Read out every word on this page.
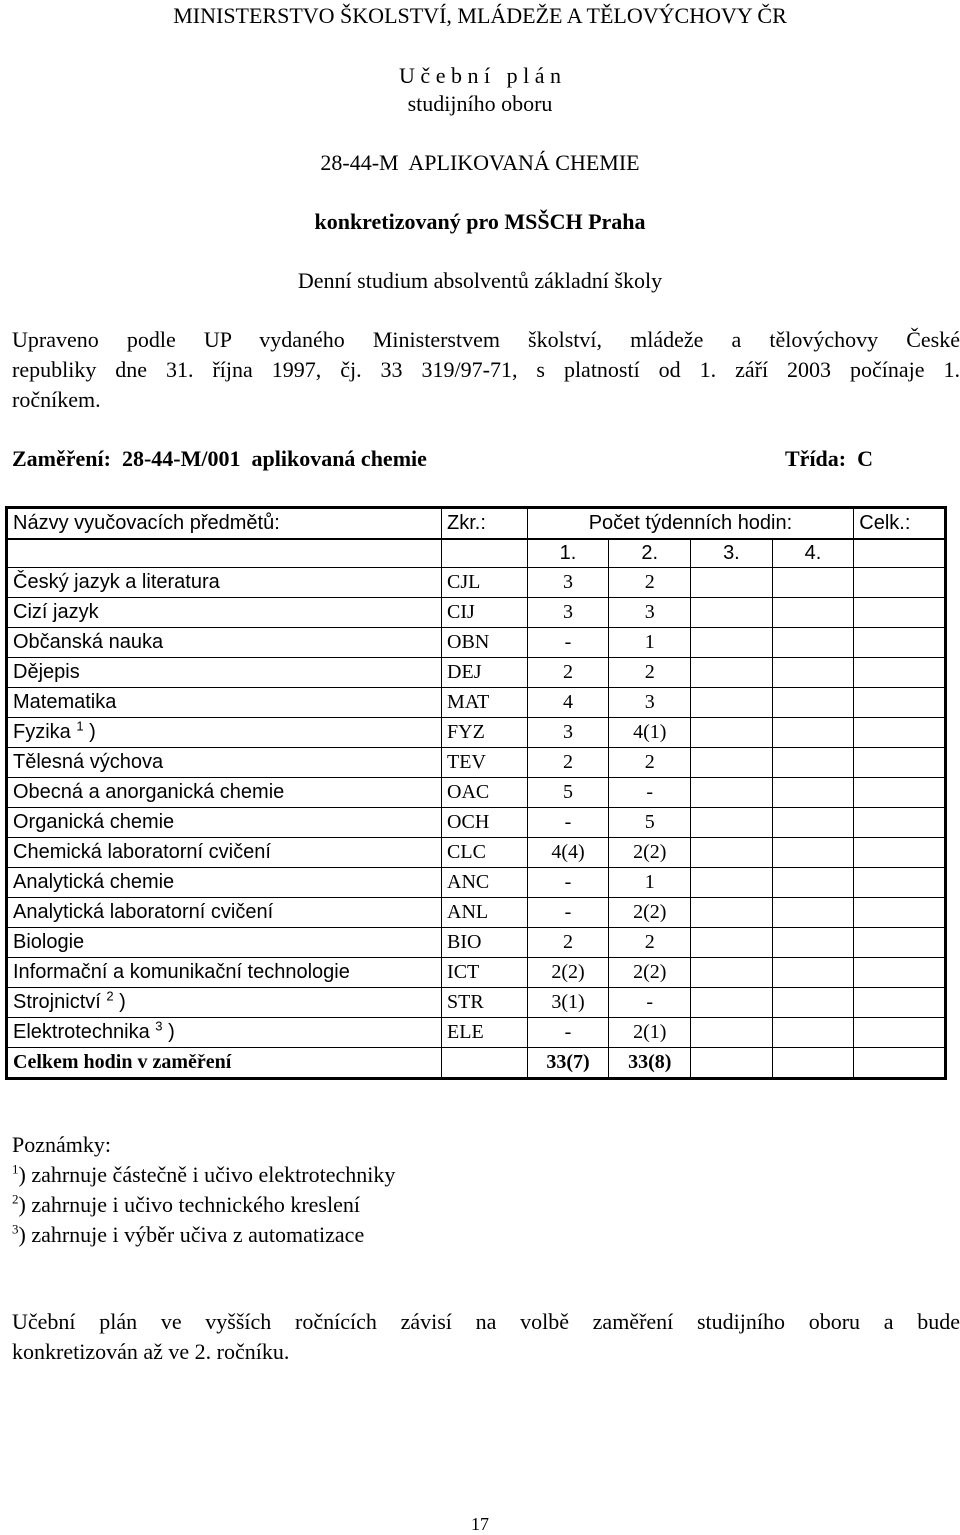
MINISTERSTVO ŠKOLSTVÍ, MLÁDEŽE A TĚLOVÝCHOVY ČR
U č e b n í   p l á n
studijního oboru
28-44-M  APLIKOVANÁ CHEMIE
konkretizovaný pro MSŠCH Praha
Denní studium absolventů základní školy
Upraveno podle UP vydaného Ministerstvem školství, mládeže a tělovýchovy České
republiky dne 31. října 1997, čj. 33 319/97-71, s platností od 1. září 2003 počínaje 1.
ročníkem.
Zaměření:  28-44-M/001  aplikovaná chemie	Třída:  C
Názvy vyučovacích předmětů:	Zkr.:	Počet týdenních hodin:				Celk.:
		1.	2.	3.	4.	
Český jazyk a literatura	CJL	3	2			
Cizí jazyk	CIJ	3	3			
Občanská nauka	OBN	-	1			
Dějepis	DEJ	2	2			
Matematika	MAT	4	3			
Fyzika $^1$ )	FYZ	3	4(1)			
Tělesná výchova	TEV	2	2			
Obecná a anorganická chemie	OAC	5	-			
Organická chemie	OCH	-	5			
Chemická laboratorní cvičení	CLC	4(4)	2(2)			
Analytická chemie	ANC	-	1			
Analytická laboratorní cvičení	ANL	-	2(2)			
Biologie	BIO	2	2			
Informační a komunikační technologie	ICT	2(2)	2(2)			
Strojnictví $^2$ )	STR	3(1)	-			
Elektrotechnika $^3$ )	ELE	-	2(1)			
Celkem hodin v zaměření		33(7)	33(8)			
Poznámky:
$^1$) zahrnuje částečně i učivo elektrotechniky
$^2$) zahrnuje i učivo technického kreslení
$^3$) zahrnuje i výběr učiva z automatizace
Učební plán ve vyšších ročnících závisí na volbě zaměření studijního oboru a bude
konkretizován až ve 2. ročníku.
17
